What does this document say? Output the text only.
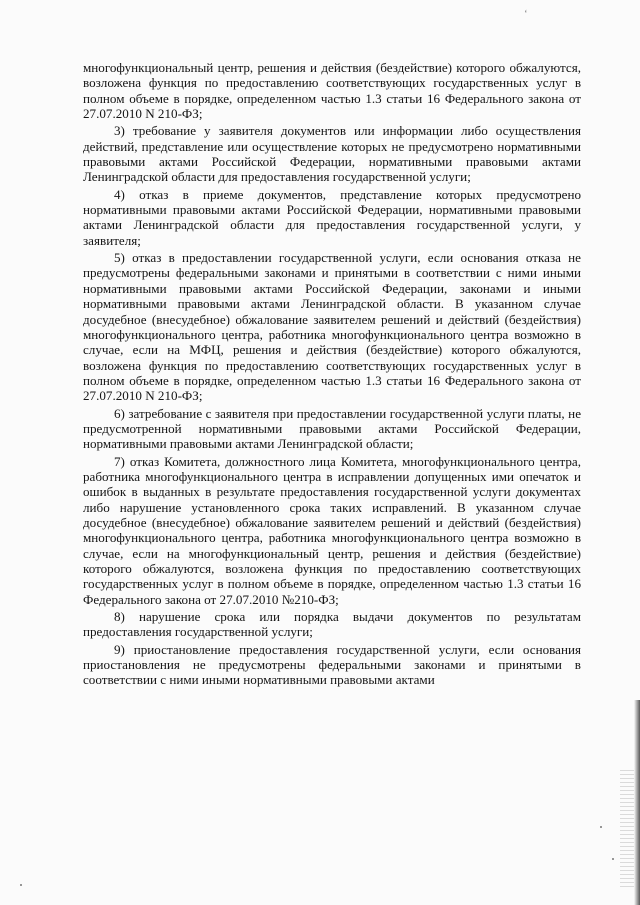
‘

многофункциональный центр, решения и действия (бездействие) которого обжалуются, возложена функция по предоставлению соответствующих государственных услуг в полном объеме в порядке, определенном частью 1.3 статьи 16 Федерального закона от 27.07.2010 N 210-ФЗ;

3) требование у заявителя документов или информации либо осуществления действий, представление или осуществление которых не предусмотрено нормативными правовыми актами Российской Федерации, нормативными правовыми актами Ленинградской области для предоставления государственной услуги;

4) отказ в приеме документов, представление которых предусмотрено нормативными правовыми актами Российской Федерации, нормативными правовыми актами Ленинградской области для предоставления государственной услуги, у заявителя;

5) отказ в предоставлении государственной услуги, если основания отказа не предусмотрены федеральными законами и принятыми в соответствии с ними иными нормативными правовыми актами Российской Федерации, законами и иными нормативными правовыми актами Ленинградской области. В указанном случае досудебное (внесудебное) обжалование заявителем решений и действий (бездействия) многофункционального центра, работника многофункционального центра возможно в случае, если на МФЦ, решения и действия (бездействие) которого обжалуются, возложена функция по предоставлению соответствующих государственных услуг в полном объеме в порядке, определенном частью 1.3 статьи 16 Федерального закона от 27.07.2010 N 210-ФЗ;

6) затребование с заявителя при предоставлении государственной услуги платы, не предусмотренной нормативными правовыми актами Российской Федерации, нормативными правовыми актами Ленинградской области;

7) отказ Комитета, должностного лица Комитета, многофункционального центра, работника многофункционального центра в исправлении допущенных ими опечаток и ошибок в выданных в результате предоставления государственной услуги документах либо нарушение установленного срока таких исправлений. В указанном случае досудебное (внесудебное) обжалование заявителем решений и действий (бездействия) многофункционального центра, работника многофункционального центра возможно в случае, если на многофункциональный центр, решения и действия (бездействие) которого обжалуются, возложена функция по предоставлению соответствующих государственных услуг в полном объеме в порядке, определенном частью 1.3 статьи 16 Федерального закона от 27.07.2010 №210-ФЗ;

8) нарушение срока или порядка выдачи документов по результатам предоставления государственной услуги;

9) приостановление предоставления государственной услуги, если основания приостановления не предусмотрены федеральными законами и принятыми в соответствии с ними иными нормативными правовыми актами
